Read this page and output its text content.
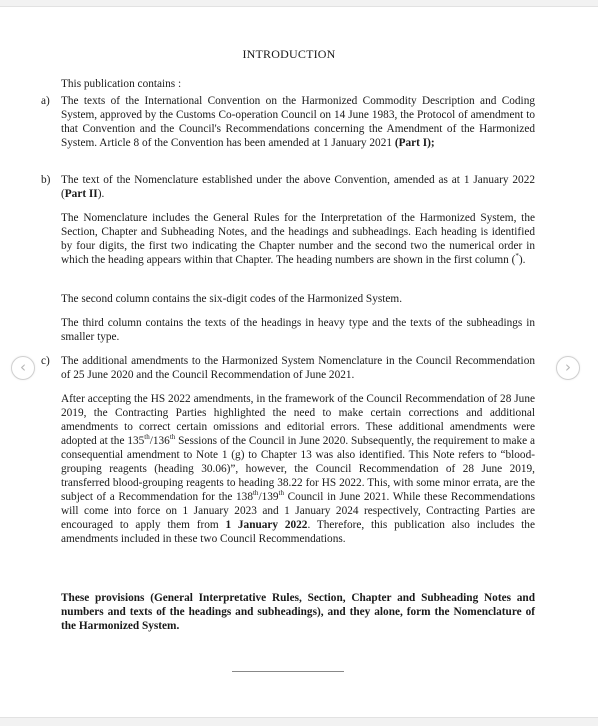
INTRODUCTION
This publication contains :
a) The texts of the International Convention on the Harmonized Commodity Description and Coding System, approved by the Customs Co-operation Council on 14 June 1983, the Protocol of amendment to that Convention and the Council's Recommendations concerning the Amendment of the Harmonized System. Article 8 of the Convention has been amended at 1 January 2021 (Part I);
b) The text of the Nomenclature established under the above Convention, amended as at 1 January 2022 (Part II).
The Nomenclature includes the General Rules for the Interpretation of the Harmonized System, the Section, Chapter and Subheading Notes, and the headings and subheadings. Each heading is identified by four digits, the first two indicating the Chapter number and the second two the numerical order in which the heading appears within that Chapter. The heading numbers are shown in the first column (*).
The second column contains the six-digit codes of the Harmonized System.
The third column contains the texts of the headings in heavy type and the texts of the subheadings in smaller type.
c) The additional amendments to the Harmonized System Nomenclature in the Council Recommendation of 25 June 2020 and the Council Recommendation of June 2021.
After accepting the HS 2022 amendments, in the framework of the Council Recommendation of 28 June 2019, the Contracting Parties highlighted the need to make certain corrections and additional amendments to correct certain omissions and editorial errors. These additional amendments were adopted at the 135th/136th Sessions of the Council in June 2020. Subsequently, the requirement to make a consequential amendment to Note 1 (g) to Chapter 13 was also identified. This Note refers to “blood-grouping reagents (heading 30.06)”, however, the Council Recommendation of 28 June 2019, transferred blood-grouping reagents to heading 38.22 for HS 2022. This, with some minor errata, are the subject of a Recommendation for the 138th/139th Council in June 2021. While these Recommendations will come into force on 1 January 2023 and 1 January 2024 respectively, Contracting Parties are encouraged to apply them from 1 January 2022. Therefore, this publication also includes the amendments included in these two Council Recommendations.
These provisions (General Interpretative Rules, Section, Chapter and Subheading Notes and numbers and texts of the headings and subheadings), and they alone, form the Nomenclature of the Harmonized System.
‹	›
